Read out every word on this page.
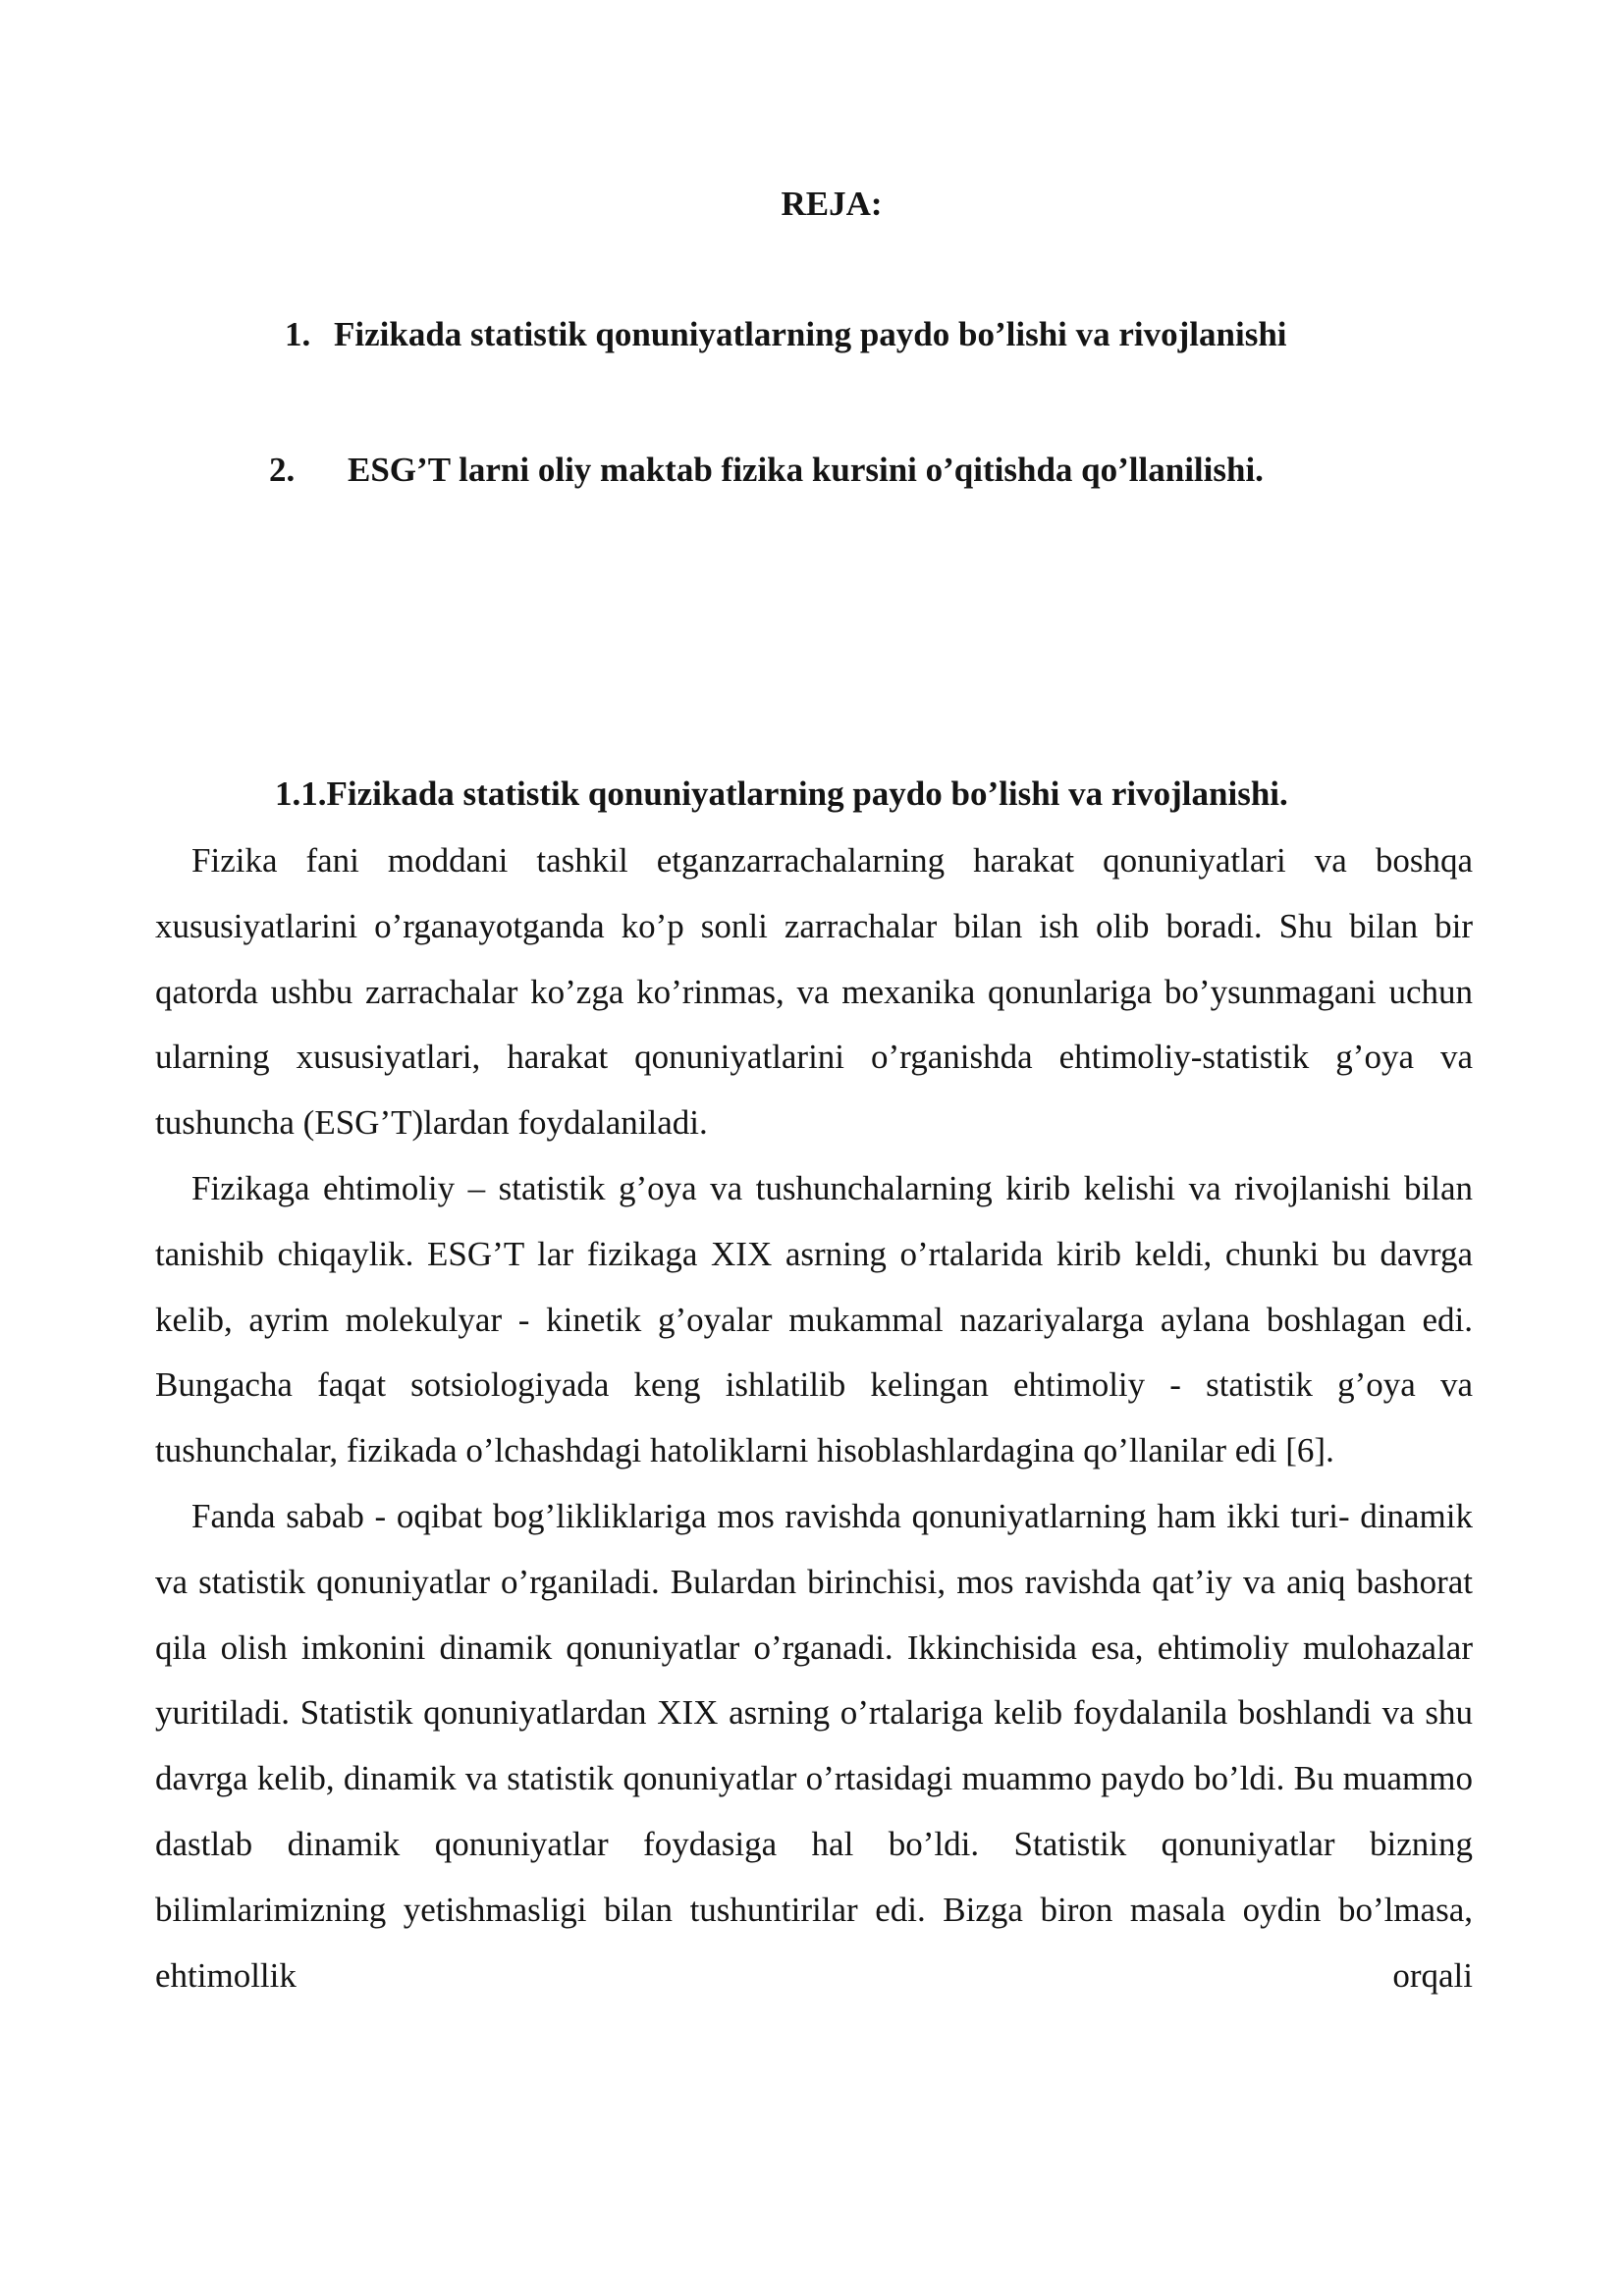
REJA:
1. Fizikada statistik qonuniyatlarning paydo bo’lishi va rivojlanishi
2. ESG’T larni oliy maktab fizika kursini o’qitishda qo’llanilishi.
1.1.Fizikada statistik qonuniyatlarning paydo bo’lishi va rivojlanishi.

Fizika fani moddani tashkil etganzarrachalarning harakat qonuniyatlari va boshqa xususiyatlarini o’rganayotganda ko’p sonli zarrachalar bilan ish olib boradi. Shu bilan bir qatorda ushbu zarrachalar ko’zga ko’rinmas, va mexanika qonunlariga bo’ysunmagani uchun ularning xususiyatlari, harakat qonuniyatlarini o’rganishda ehtimoliy-statistik g’oya va tushuncha (ESG’T)lardan foydalaniladi.

Fizikaga ehtimoliy – statistik g’oya va tushunchalarning kirib kelishi va rivojlanishi bilan tanishib chiqaylik. ESG’T lar fizikaga XIX asrning o’rtalarida kirib keldi, chunki bu davrga kelib, ayrim molekulyar - kinetik g’oyalar mukammal nazariyalarga aylana boshlagan edi. Bungacha faqat sotsiologiyada keng ishlatilib kelingan ehtimoliy - statistik g’oya va tushunchalar, fizikada o’lchashdagi hatoliklarni hisoblashlardagina qo’llanilar edi [6].

Fanda sabab - oqibat bog’likliklariga mos ravishda qonuniyatlarning ham ikki turi- dinamik va statistik qonuniyatlar o’rganiladi. Bulardan birinchisi, mos ravishda qat’iy va aniq bashorat qila olish imkonini dinamik qonuniyatlar o’rganadi. Ikkinchisida esa, ehtimoliy mulohazalar yuritiladi. Statistik qonuniyatlardan XIX asrning o’rtalariga kelib foydalanila boshlandi va shu davrga kelib, dinamik va statistik qonuniyatlar o’rtasidagi muammo paydo bo’ldi. Bu muammo dastlab dinamik qonuniyatlar foydasiga hal bo’ldi. Statistik qonuniyatlar bizning bilimlarimizning yetishmasligi bilan tushuntirilar edi. Bizga biron masala oydin bo’lmasa, ehtimollik orqali
